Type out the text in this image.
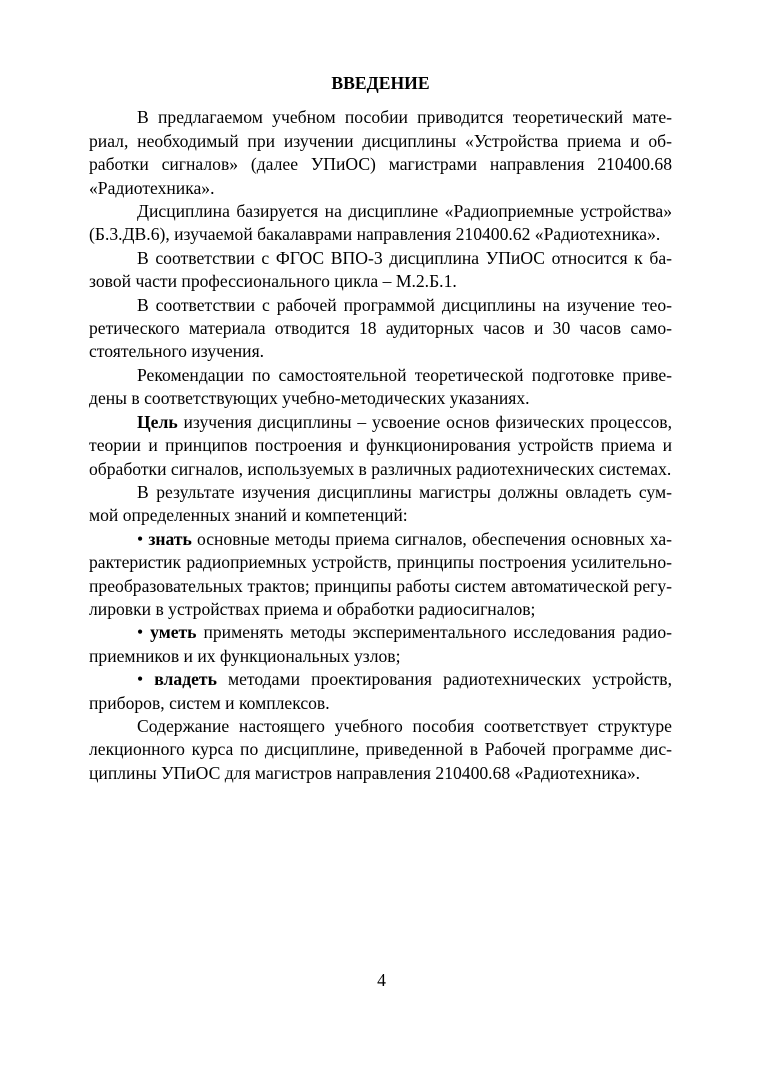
ВВЕДЕНИЕ

В предлагаемом учебном пособии приводится теоретический материал, необходимый при изучении дисциплины «Устройства приема и обработки сигналов» (далее УПиОС) магистрами направления 210400.68 «Радиотехника».

Дисциплина базируется на дисциплине «Радиоприемные устройства» (Б.3.ДВ.6), изучаемой бакалаврами направления 210400.62 «Радиотехника».

В соответствии с ФГОС ВПО-3 дисциплина УПиОС относится к базовой части профессионального цикла – М.2.Б.1.

В соответствии с рабочей программой дисциплины на изучение теоретического материала отводится 18 аудиторных часов и 30 часов самостоятельного изучения.

Рекомендации по самостоятельной теоретической подготовке приведены в соответствующих учебно-методических указаниях.

Цель изучения дисциплины – усвоение основ физических процессов, теории и принципов построения и функционирования устройств приема и обработки сигналов, используемых в различных радиотехнических системах.

В результате изучения дисциплины магистры должны овладеть суммой определенных знаний и компетенций:

• знать основные методы приема сигналов, обеспечения основных характеристик радиоприемных устройств, принципы построения усилительно-преобразовательных трактов; принципы работы систем автоматической регулировки в устройствах приема и обработки радиосигналов;

• уметь применять методы экспериментального исследования радиоприемников и их функциональных узлов;

• владеть методами проектирования радиотехнических устройств, приборов, систем и комплексов.

Содержание настоящего учебного пособия соответствует структуре лекционного курса по дисциплине, приведенной в Рабочей программе дисциплины УПиОС для магистров направления 210400.68 «Радиотехника».

4
